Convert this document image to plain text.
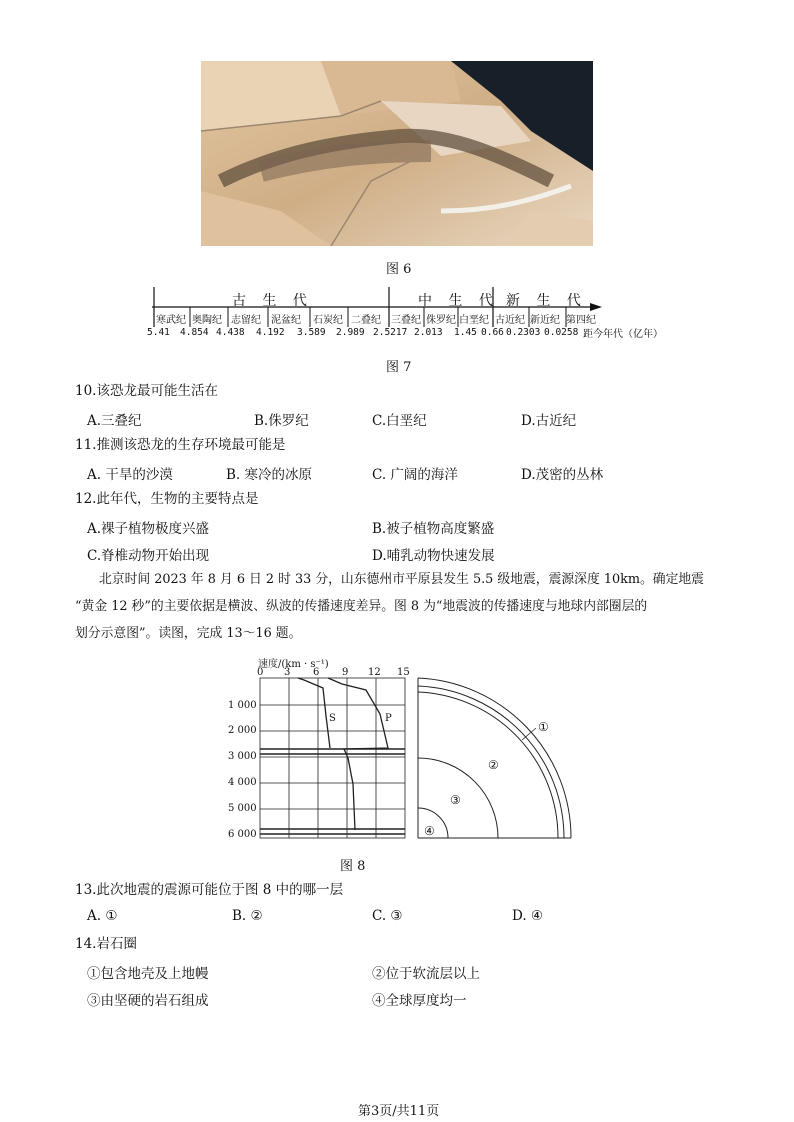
图 6
古 生 代	中 生 代 新 生 代
寒武纪 奥陶纪 志留纪 泥盆纪 石炭纪 二叠纪 三叠纪 侏罗纪 白垩纪 古近纪 新近纪 第四纪
5.41 4.854 4.438 4.192 3.589 2.989 2.5217 2.013 1.45 0.66 0.2303 0.0258 距今年代（亿年）
图 7
10.该恐龙最可能生活在
A.三叠纪	B.侏罗纪	C.白垩纪	D.古近纪
11.推测该恐龙的生存环境最可能是
A. 干旱的沙漠	B. 寒冷的冰原	C. 广阔的海洋	D.茂密的丛林
12.此年代，生物的主要特点是
A.裸子植物极度兴盛	B.被子植物高度繁盛
C.脊椎动物开始出现	D.哺乳动物快速发展
北京时间 2023 年 8 月 6 日 2 时 33 分，山东德州市平原县发生 5.5 级地震，震源深度 10km。确定地震
“黄金 12 秒”的主要依据是横波、纵波的传播速度差异。图 8 为“地震波的传播速度与地球内部圈层的
划分示意图”。读图，完成 13～16 题。
速度/(km · s⁻¹)
0 3 6 9 12 15
1 000
2 000
3 000
4 000
5 000
6 000
S	P
①
②
③
④
图 8
13.此次地震的震源可能位于图 8 中的哪一层
A. ①	B. ②	C. ③	D. ④
14.岩石圈
①包含地壳及上地幔	②位于软流层以上
③由坚硬的岩石组成	④全球厚度均一
第3页/共11页
